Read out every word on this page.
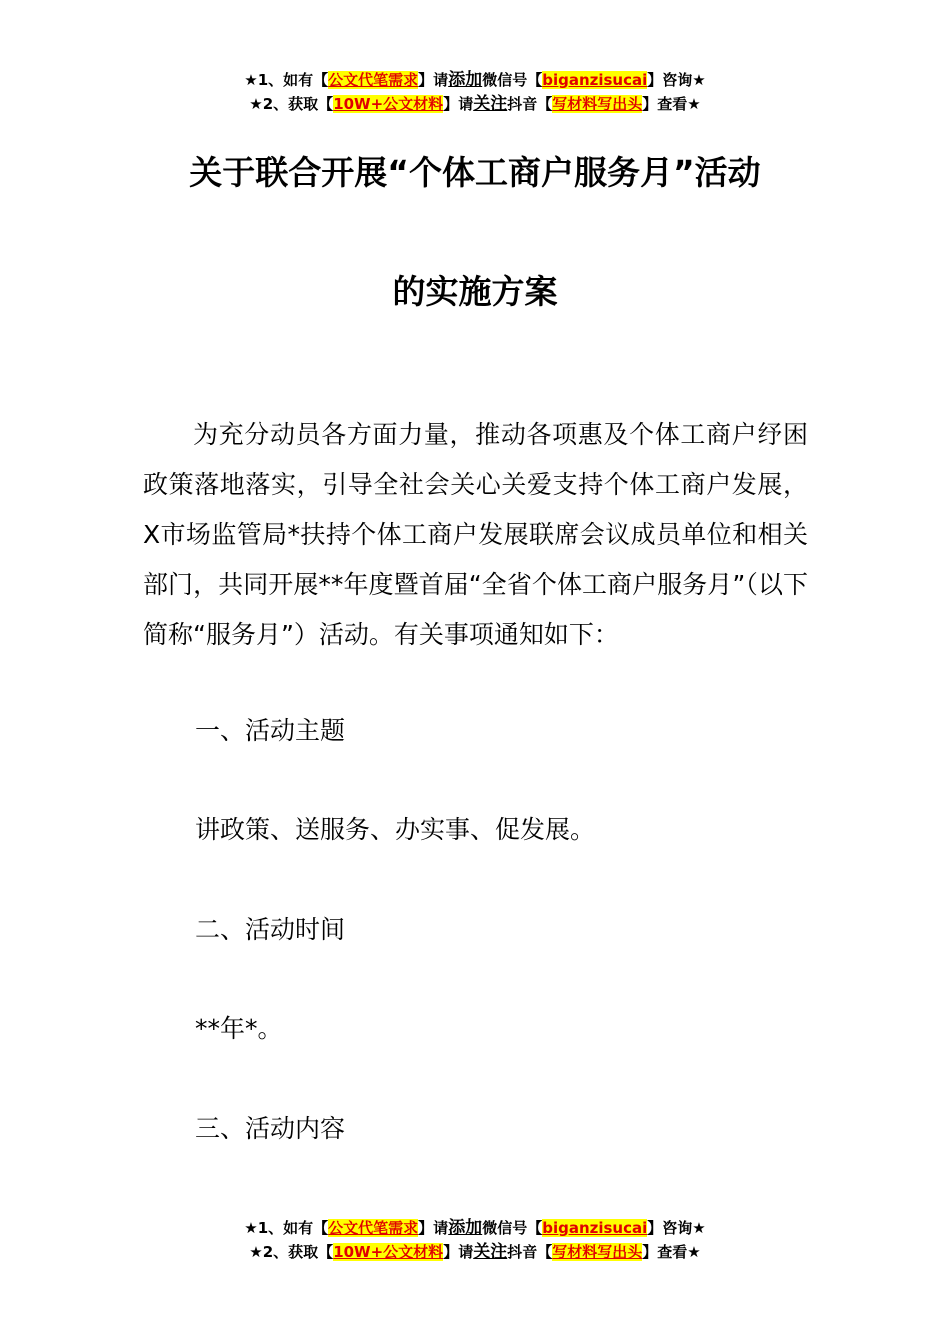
★1、如有【公文代笔需求】请添加微信号【biganzisucai】咨询★
★2、获取【10W+公文材料】请关注抖音【写材料写出头】查看★
关于联合开展“个体工商户服务月”活动
的实施方案

为充分动员各方面力量，推动各项惠及个体工商户纾困政策落地落实，引导全社会关心关爱支持个体工商户发展，X市场监管局*扶持个体工商户发展联席会议成员单位和相关部门，共同开展**年度暨首届“全省个体工商户服务月”（以下简称“服务月”）活动。有关事项通知如下：

一、活动主题

讲政策、送服务、办实事、促发展。

二、活动时间

**年*。

三、活动内容

★1、如有【公文代笔需求】请添加微信号【biganzisucai】咨询★
★2、获取【10W+公文材料】请关注抖音【写材料写出头】查看★
